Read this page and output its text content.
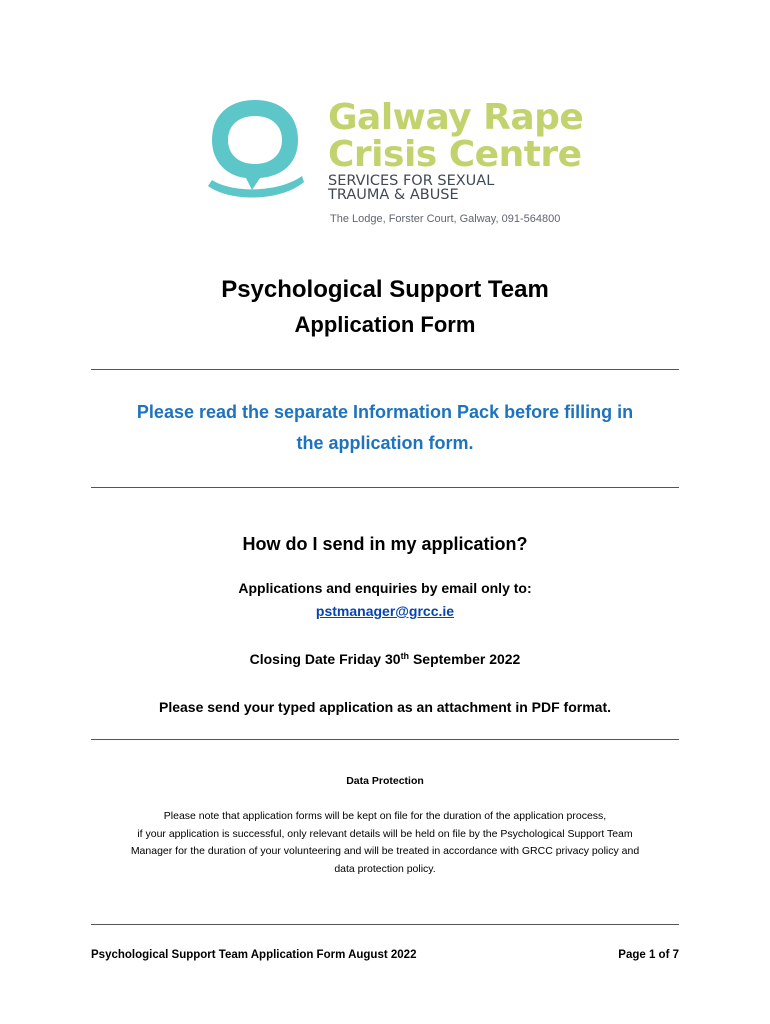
Galway Rape
Crisis Centre
SERVICES FOR SEXUAL
TRAUMA & ABUSE
The Lodge, Forster Court, Galway, 091-564800
Psychological Support Team
Application Form
Please read the separate Information Pack before filling in
the application form.
How do I send in my application?
Applications and enquiries by email only to:
pstmanager@grcc.ie
Closing Date Friday 30th September 2022
Please send your typed application as an attachment in PDF format.
Data Protection
Please note that application forms will be kept on file for the duration of the application process,
if your application is successful, only relevant details will be held on file by the Psychological Support Team
Manager for the duration of your volunteering and will be treated in accordance with GRCC privacy policy and
data protection policy.
Psychological Support Team Application Form August 2022	Page 1 of 7
